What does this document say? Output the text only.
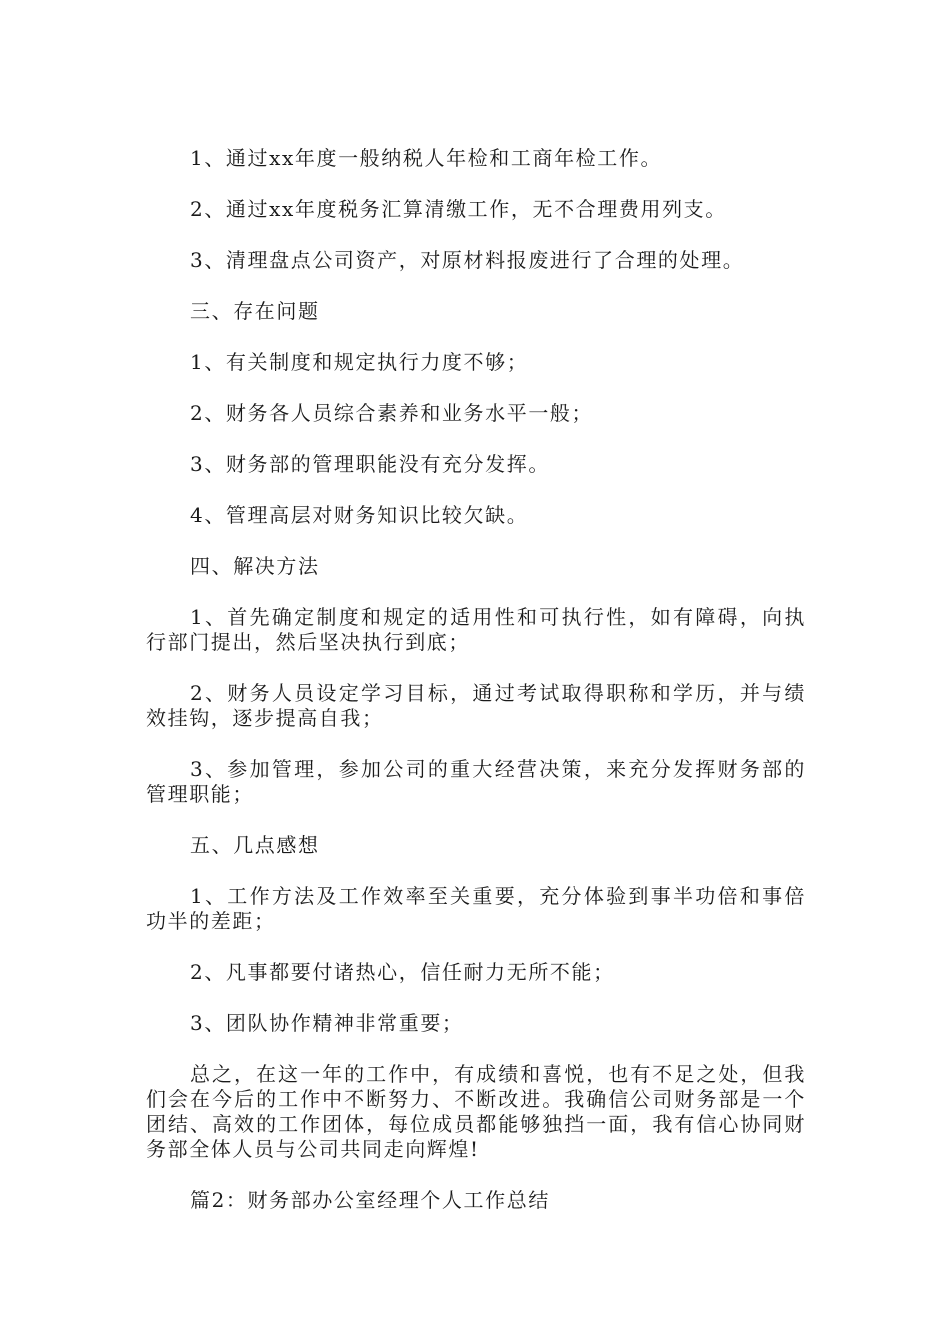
1、通过xx年度一般纳税人年检和工商年检工作。

2、通过xx年度税务汇算清缴工作，无不合理费用列支。

3、清理盘点公司资产，对原材料报废进行了合理的处理。

三、存在问题

1、有关制度和规定执行力度不够；

2、财务各人员综合素养和业务水平一般；

3、财务部的管理职能没有充分发挥。

4、管理高层对财务知识比较欠缺。

四、解决方法

1、首先确定制度和规定的适用性和可执行性，如有障碍，向执行部门提出，然后坚决执行到底；

2、财务人员设定学习目标，通过考试取得职称和学历，并与绩效挂钩，逐步提高自我；

3、参加管理，参加公司的重大经营决策，来充分发挥财务部的管理职能；

五、几点感想

1、工作方法及工作效率至关重要，充分体验到事半功倍和事倍功半的差距；

2、凡事都要付诸热心，信任耐力无所不能；

3、团队协作精神非常重要；

总之，在这一年的工作中，有成绩和喜悦，也有不足之处，但我们会在今后的工作中不断努力、不断改进。我确信公司财务部是一个团结、高效的工作团体，每位成员都能够独挡一面，我有信心协同财务部全体人员与公司共同走向辉煌!

篇2：财务部办公室经理个人工作总结
